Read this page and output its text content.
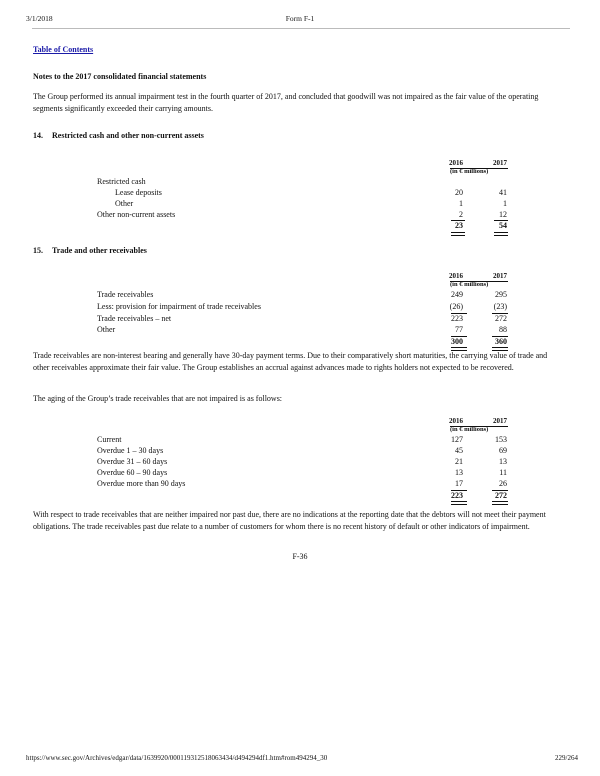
3/1/2018	Form F-1
Table of Contents
Notes to the 2017 consolidated financial statements
The Group performed its annual impairment test in the fourth quarter of 2017, and concluded that goodwill was not impaired as the fair value of the operating segments significantly exceeded their carrying amounts.
14. Restricted cash and other non-current assets
2016	2017
(in € millions)
Restricted cash
Lease deposits	20	41
Other	1	1
Other non-current assets	2	12
23	54
15. Trade and other receivables
2016	2017
(in € millions)
Trade receivables	249	295
Less: provision for impairment of trade receivables	(26)	(23)
Trade receivables – net	223	272
Other	77	88
300	360
Trade receivables are non-interest bearing and generally have 30-day payment terms. Due to their comparatively short maturities, the carrying value of trade and other receivables approximate their fair value. The Group establishes an accrual against advances made to rights holders not expected to be recovered.
The aging of the Group’s trade receivables that are not impaired is as follows:
2016	2017
(in € millions)
Current	127	153
Overdue 1 – 30 days	45	69
Overdue 31 – 60 days	21	13
Overdue 60 – 90 days	13	11
Overdue more than 90 days	17	26
223	272
With respect to trade receivables that are neither impaired nor past due, there are no indications at the reporting date that the debtors will not meet their payment obligations. The trade receivables past due relate to a number of customers for whom there is no recent history of default or other indicators of impairment.
F-36
https://www.sec.gov/Archives/edgar/data/1639920/000119312518063434/d494294df1.htm#rom494294_30	229/264
